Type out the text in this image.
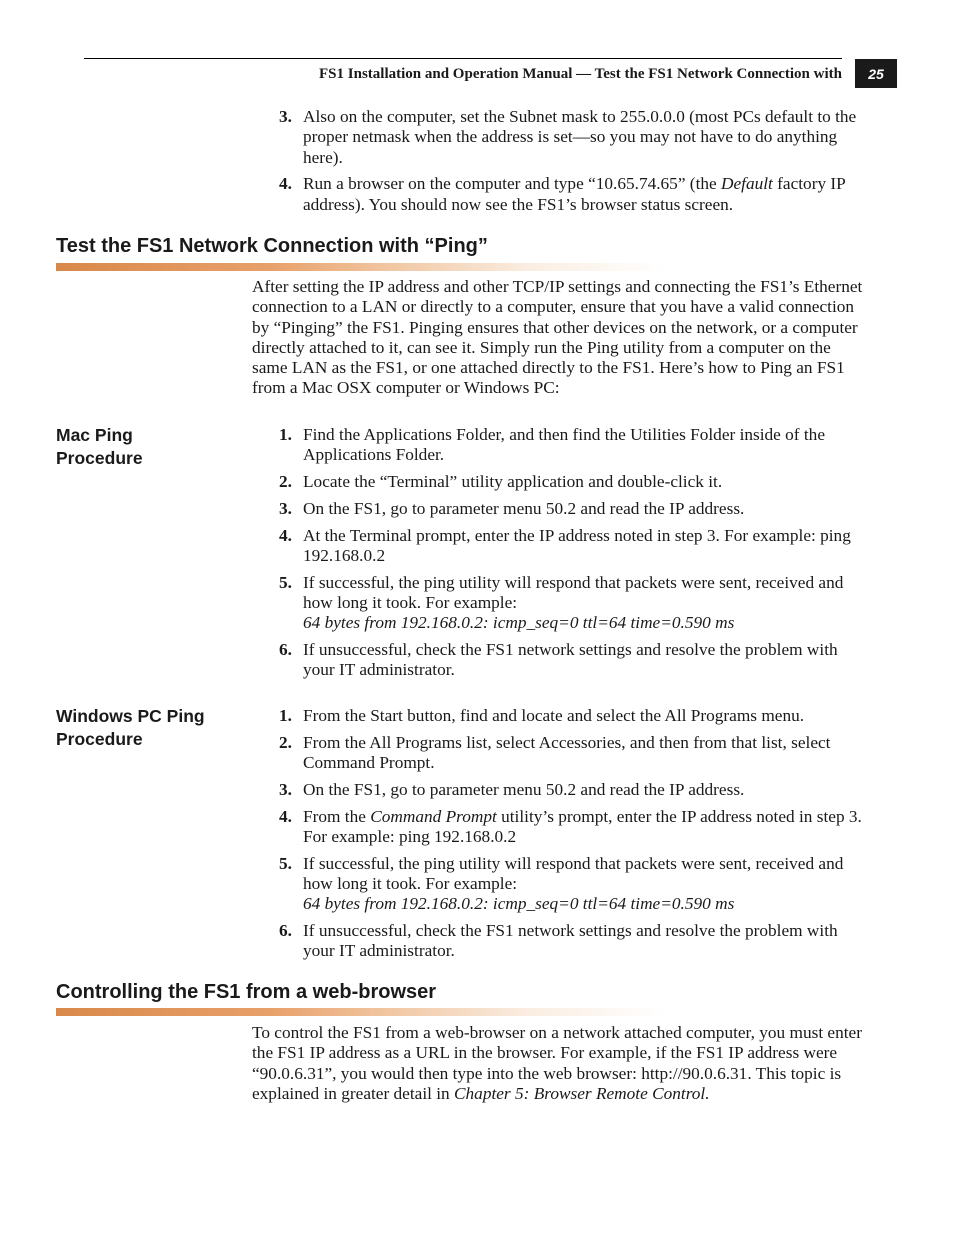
FS1 Installation and Operation Manual — Test the FS1 Network Connection with	25
3. Also on the computer, set the Subnet mask to 255.0.0.0 (most PCs default to the proper netmask when the address is set—so you may not have to do anything here).
4. Run a browser on the computer and type “10.65.74.65” (the Default factory IP address). You should now see the FS1’s browser status screen.
Test the FS1 Network Connection with “Ping”

After setting the IP address and other TCP/IP settings and connecting the FS1’s Ethernet connection to a LAN or directly to a computer, ensure that you have a valid connection by “Pinging” the FS1. Pinging ensures that other devices on the network, or a computer directly attached to it, can see it. Simply run the Ping utility from a computer on the same LAN as the FS1, or one attached directly to the FS1. Here’s how to Ping an FS1 from a Mac OSX computer or Windows PC:

Mac Ping
Procedure

1. Find the Applications Folder, and then find the Utilities Folder inside of the Applications Folder.
2. Locate the “Terminal” utility application and double-click it.
3. On the FS1, go to parameter menu 50.2 and read the IP address.
4. At the Terminal prompt, enter the IP address noted in step 3. For example: ping 192.168.0.2
5. If successful, the ping utility will respond that packets were sent, received and how long it took. For example:
64 bytes from 192.168.0.2: icmp_seq=0 ttl=64 time=0.590 ms
6. If unsuccessful, check the FS1 network settings and resolve the problem with your IT administrator.

Windows PC Ping
Procedure

1. From the Start button, find and locate and select the All Programs menu.
2. From the All Programs list, select Accessories, and then from that list, select Command Prompt.
3. On the FS1, go to parameter menu 50.2 and read the IP address.
4. From the Command Prompt utility’s prompt, enter the IP address noted in step 3. For example: ping 192.168.0.2
5. If successful, the ping utility will respond that packets were sent, received and how long it took. For example:
64 bytes from 192.168.0.2: icmp_seq=0 ttl=64 time=0.590 ms
6. If unsuccessful, check the FS1 network settings and resolve the problem with your IT administrator.
Controlling the FS1 from a web-browser

To control the FS1 from a web-browser on a network attached computer, you must enter the FS1 IP address as a URL in the browser. For example, if the FS1 IP address were “90.0.6.31”, you would then type into the web browser: http://90.0.6.31. This topic is explained in greater detail in Chapter 5: Browser Remote Control.
